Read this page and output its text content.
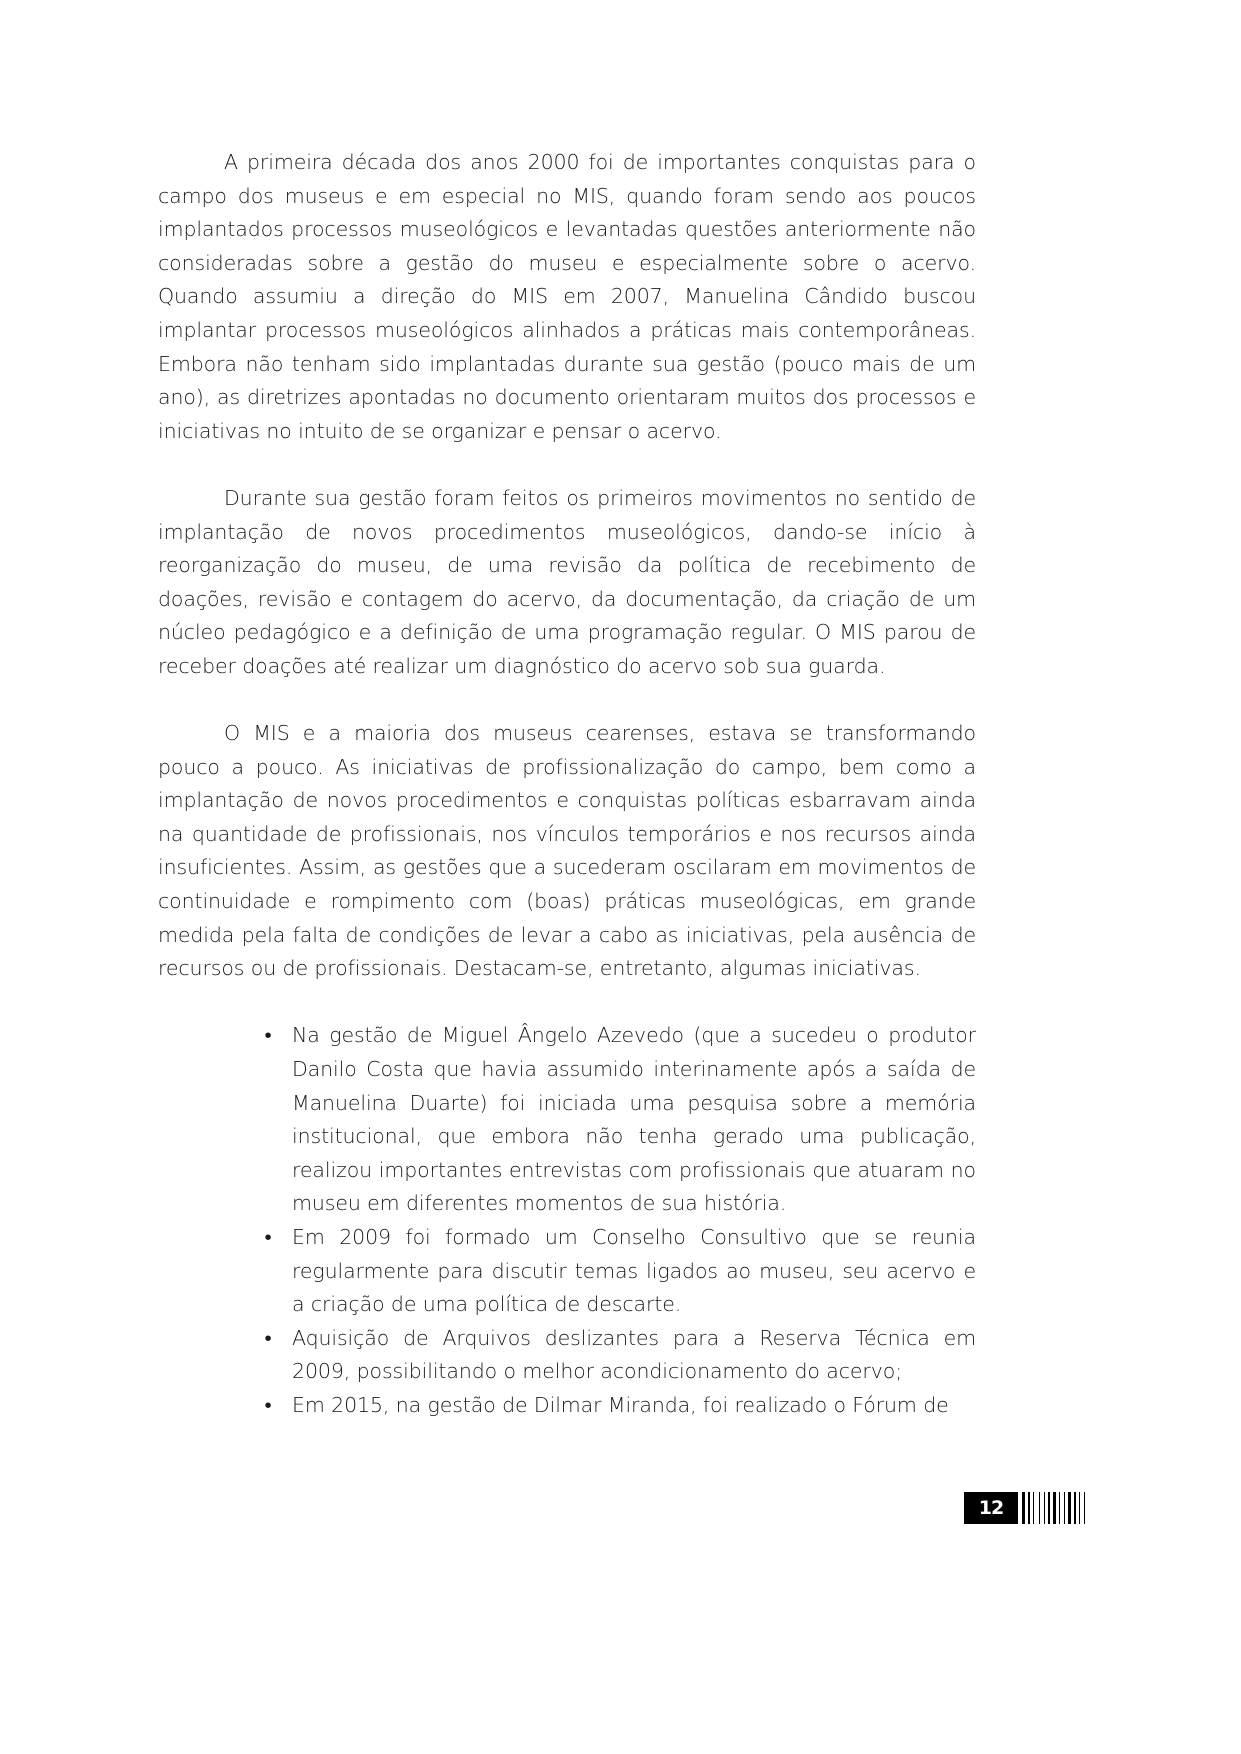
A primeira década dos anos 2000 foi de importantes conquistas para o campo dos museus e em especial no MIS, quando foram sendo aos poucos implantados processos museológicos e levantadas questões anteriormente não consideradas sobre a gestão do museu e especialmente sobre o acervo. Quando assumiu a direção do MIS em 2007, Manuelina Cândido buscou implantar processos museológicos alinhados a práticas mais contemporâneas. Embora não tenham sido implantadas durante sua gestão (pouco mais de um ano), as diretrizes apontadas no documento orientaram muitos dos processos e iniciativas no intuito de se organizar e pensar o acervo.

Durante sua gestão foram feitos os primeiros movimentos no sentido de implantação de novos procedimentos museológicos, dando-se início à reorganização do museu, de uma revisão da política de recebimento de doações, revisão e contagem do acervo, da documentação, da criação de um núcleo pedagógico e a definição de uma programação regular. O MIS parou de receber doações até realizar um diagnóstico do acervo sob sua guarda.

O MIS e a maioria dos museus cearenses, estava se transformando pouco a pouco. As iniciativas de profissionalização do campo, bem como a implantação de novos procedimentos e conquistas políticas esbarravam ainda na quantidade de profissionais, nos vínculos temporários e nos recursos ainda insuficientes. Assim, as gestões que a sucederam oscilaram em movimentos de continuidade e rompimento com (boas) práticas museológicas, em grande medida pela falta de condições de levar a cabo as iniciativas, pela ausência de recursos ou de profissionais. Destacam-se, entretanto, algumas iniciativas.

• Na gestão de Miguel Ângelo Azevedo (que a sucedeu o produtor Danilo Costa que havia assumido interinamente após a saída de Manuelina Duarte) foi iniciada uma pesquisa sobre a memória institucional, que embora não tenha gerado uma publicação, realizou importantes entrevistas com profissionais que atuaram no museu em diferentes momentos de sua história.
• Em 2009 foi formado um Conselho Consultivo que se reunia regularmente para discutir temas ligados ao museu, seu acervo e a criação de uma política de descarte.
• Aquisição de Arquivos deslizantes para a Reserva Técnica em 2009, possibilitando o melhor acondicionamento do acervo;
• Em 2015, na gestão de Dilmar Miranda, foi realizado o Fórum de
12
